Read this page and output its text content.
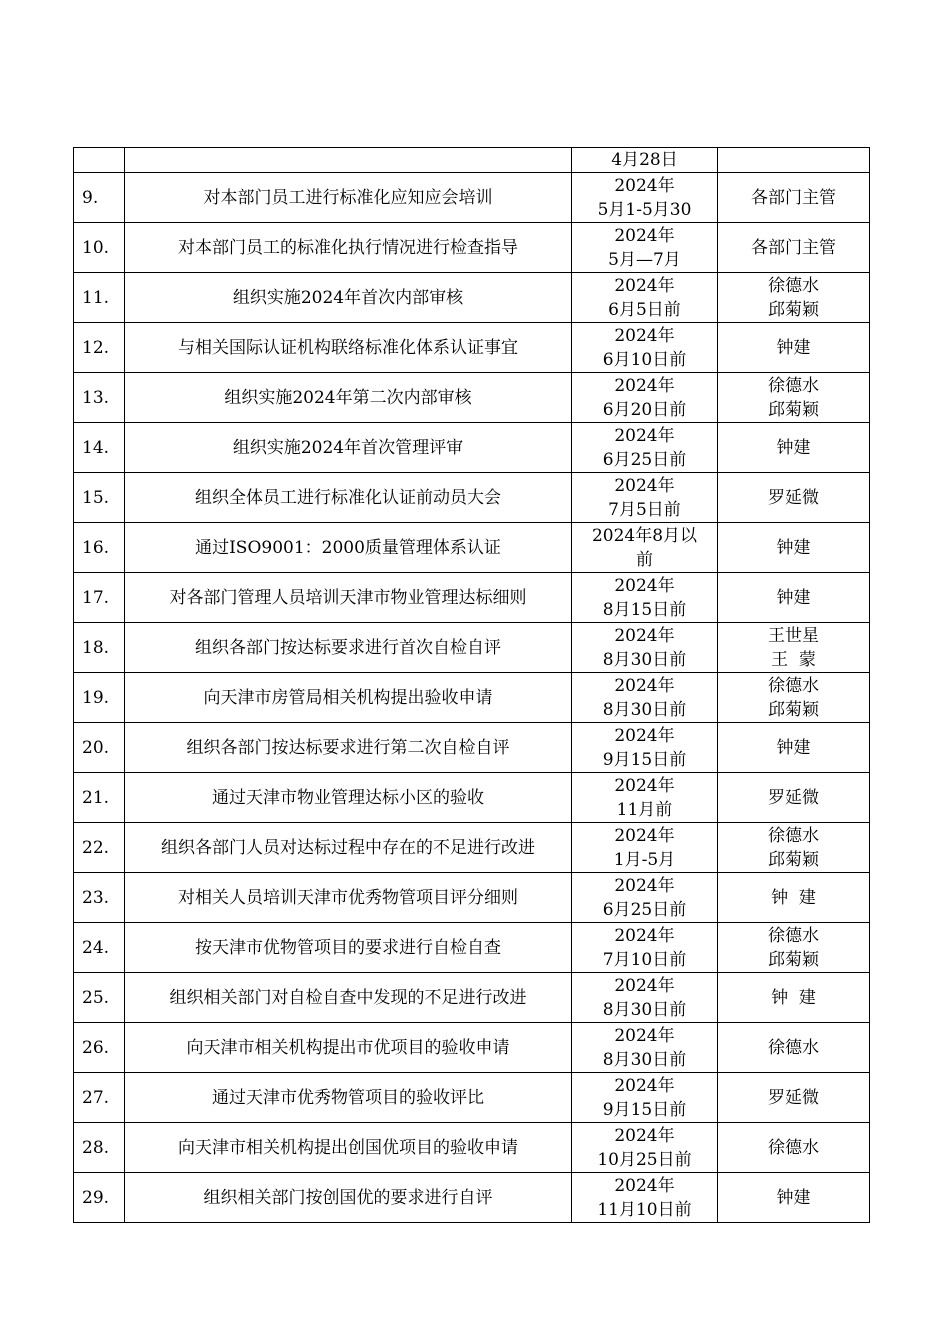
		4月28日	

9.	对本部门员工进行标准化应知应会培训	2024年
5月1-5月30	各部门主管

10.	对本部门员工的标准化执行情况进行检查指导	2024年
5月—7月	各部门主管

11.	组织实施2024年首次内部审核	2024年
6月5日前	徐德水
邱菊颖

12.	与相关国际认证机构联络标准化体系认证事宜	2024年
6月10日前	钟建

13.	组织实施2024年第二次内部审核	2024年
6月20日前	徐德水
邱菊颖

14.	组织实施2024年首次管理评审	2024年
6月25日前	钟建

15.	组织全体员工进行标准化认证前动员大会	2024年
7月5日前	罗延微

16.	通过ISO9001：2000质量管理体系认证	2024年8月以
前	钟建

17.	对各部门管理人员培训天津市物业管理达标细则	2024年
8月15日前	钟建

18.	组织各部门按达标要求进行首次自检自评	2024年
8月30日前	王世星
王  蒙

19.	向天津市房管局相关机构提出验收申请	2024年
8月30日前	徐德水
邱菊颖

20.	组织各部门按达标要求进行第二次自检自评	2024年
9月15日前	钟建

21.	通过天津市物业管理达标小区的验收	2024年
11月前	罗延微

22.	组织各部门人员对达标过程中存在的不足进行改进	2024年
1月-5月	徐德水
邱菊颖

23.	对相关人员培训天津市优秀物管项目评分细则	2024年
6月25日前	钟  建

24.	按天津市优物管项目的要求进行自检自查	2024年
7月10日前	徐德水
邱菊颖

25.	组织相关部门对自检自查中发现的不足进行改进	2024年
8月30日前	钟  建

26.	向天津市相关机构提出市优项目的验收申请	2024年
8月30日前	徐德水

27.	通过天津市优秀物管项目的验收评比	2024年
9月15日前	罗延微

28.	向天津市相关机构提出创国优项目的验收申请	2024年
10月25日前	徐德水

29.	组织相关部门按创国优的要求进行自评	2024年
11月10日前	钟建
